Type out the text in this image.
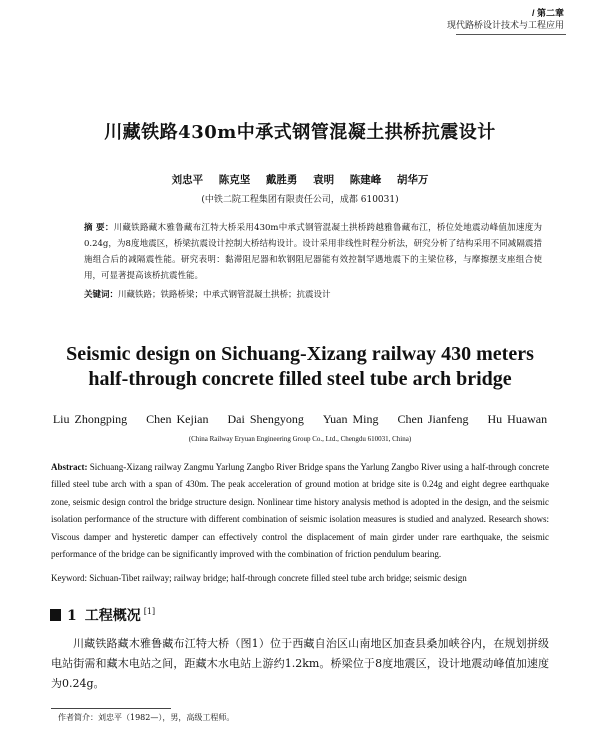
/ 第二章
现代路桥设计技术与工程应用
川藏铁路430m中承式钢管混凝土拱桥抗震设计
刘忠平 陈克坚 戴胜勇 袁明 陈建峰 胡华万
(中铁二院工程集团有限责任公司，成都 610031)
摘 要：川藏铁路藏木雅鲁藏布江特大桥采用430m中承式钢管混凝土拱桥跨越雅鲁藏布江，桥位处地震动峰值加速度为0.24g，为8度地震区，桥梁抗震设计控制大桥结构设计。设计采用非线性时程分析法，研究分析了结构采用不同减隔震措施组合后的减隔震性能。研究表明：黏滞阻尼器和软钢阻尼器能有效控制罕遇地震下的主梁位移，与摩擦摆支座组合使用，可显著提高该桥抗震性能。
关键词：川藏铁路；铁路桥梁；中承式钢管混凝土拱桥；抗震设计
Seismic design on Sichuang-Xizang railway 430 meters
half-through concrete filled steel tube arch bridge
Liu Zhongping Chen Kejian Dai Shengyong Yuan Ming Chen Jianfeng Hu Huawan
(China Railway Eryuan Engineering Group Co., Ltd., Chengdu 610031, China)
Abstract: Sichuang-Xizang railway Zangmu Yarlung Zangbo River Bridge spans the Yarlung Zangbo River using a half-through concrete filled steel tube arch with a span of 430m. The peak acceleration of ground motion at bridge site is 0.24g and eight degree earthquake zone, seismic design control the bridge structure design. Nonlinear time history analysis method is adopted in the design, and the seismic isolation performance of the structure with different combination of seismic isolation measures is studied and analyzed. Research shows: Viscous damper and hysteretic damper can effectively control the displacement of main girder under rare earthquake, the seismic performance of the bridge can be significantly improved with the combination of friction pendulum bearing.
Keyword: Sichuan-Tibet railway; railway bridge; half-through concrete filled steel tube arch bridge; seismic design
1 工程概况 [1]
川藏铁路藏木雅鲁藏布江特大桥（图1）位于西藏自治区山南地区加查县桑加峡谷内，在规划拼级电站街需和藏木电站之间，距藏木水电站上游约1.2km。桥梁位于8度地震区，设计地震动峰值加速度为0.24g。
作者简介：刘忠平（1982—），男，高级工程师。
